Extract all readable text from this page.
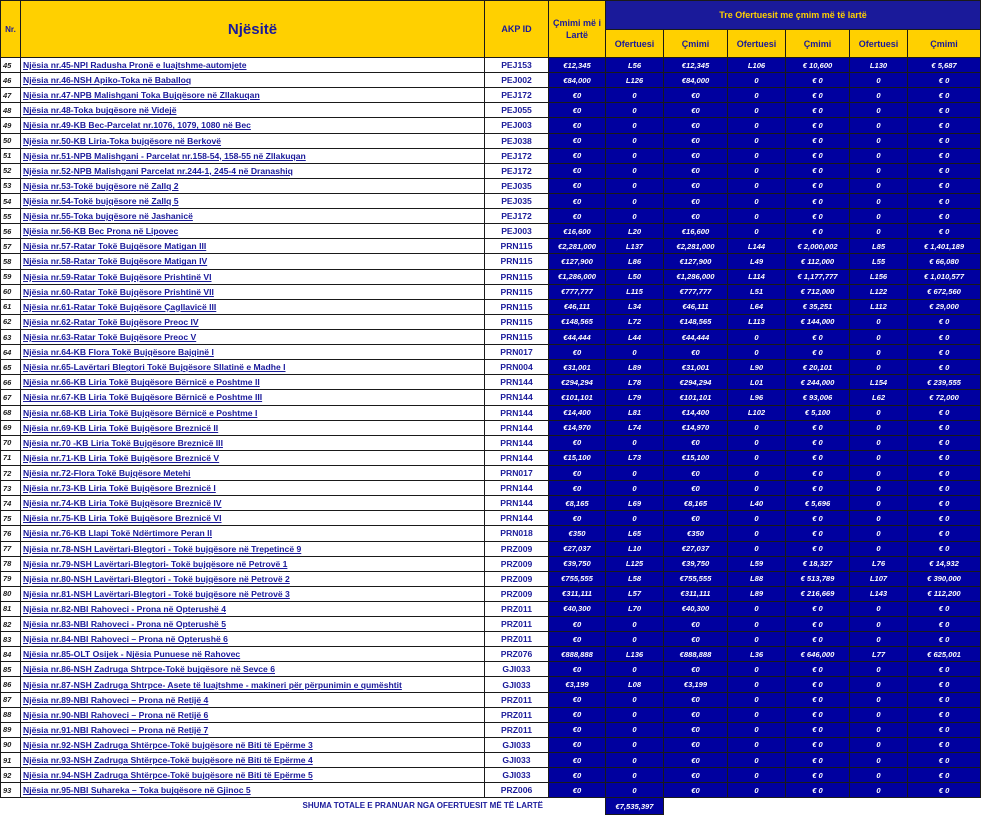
Nr.	Njësitë	AKP ID	Çmimi më i Lartë	Tre Ofertuesit me çmim më të lartë					
				Ofertuesi	Çmimi	Ofertuesi	Çmimi	Ofertuesi	Çmimi
45	Njësia nr.45-NPI Radusha Pronë e luajtshme-automjete	PEJ153	€12,345	L56	€12,345	L106	€ 10,600	L130	€ 5,687
46	Njësia nr.46-NSH Apiko-Toka në Baballoq	PEJ002	€84,000	L126	€84,000	0	€ 0	0	€ 0
47	Njësia nr.47-NPB Malishgani Toka Bujqësore në Zllakuqan	PEJ172	€0	0	€0	0	€ 0	0	€ 0
48	Njësia nr.48-Toka bujqësore në Videjë	PEJ055	€0	0	€0	0	€ 0	0	€ 0
49	Njësia nr.49-KB Bec-Parcelat nr.1076, 1079, 1080 në Bec	PEJ003	€0	0	€0	0	€ 0	0	€ 0
50	Njësia nr.50-KB Liria-Toka bujqësore në Berkovë	PEJ038	€0	0	€0	0	€ 0	0	€ 0
51	Njësia nr.51-NPB Malishgani - Parcelat nr.158-54, 158-55 në Zllakuqan	PEJ172	€0	0	€0	0	€ 0	0	€ 0
52	Njësia nr.52-NPB Malishgani Parcelat nr.244-1, 245-4 në Dranashiq	PEJ172	€0	0	€0	0	€ 0	0	€ 0
53	Njësia nr.53-Tokë bujqësore në Zallq 2	PEJ035	€0	0	€0	0	€ 0	0	€ 0
54	Njësia nr.54-Tokë bujqësore në Zallq 5	PEJ035	€0	0	€0	0	€ 0	0	€ 0
55	Njësia nr.55-Toka bujqësore në Jashanicë	PEJ172	€0	0	€0	0	€ 0	0	€ 0
56	Njësia nr.56-KB Bec Prona në Lipovec	PEJ003	€16,600	L20	€16,600	0	€ 0	0	€ 0
57	Njësia nr.57-Ratar Tokë Bujqësore Matigan III	PRN115	€2,281,000	L137	€2,281,000	L144	€ 2,000,002	L85	€ 1,401,189
58	Njësia nr.58-Ratar Tokë Bujqësore Matigan IV	PRN115	€127,900	L86	€127,900	L49	€ 112,000	L55	€ 66,080
59	Njësia nr.59-Ratar Tokë Bujqësore Prishtinë VI	PRN115	€1,286,000	L50	€1,286,000	L114	€ 1,177,777	L156	€ 1,010,577
60	Njësia nr.60-Ratar Tokë Bujqësore Prishtinë VII	PRN115	€777,777	L115	€777,777	L51	€ 712,000	L122	€ 672,560
61	Njësia nr.61-Ratar Tokë Bujqësore Çagllavicë III	PRN115	€46,111	L34	€46,111	L64	€ 35,251	L112	€ 29,000
62	Njësia nr.62-Ratar Tokë Bujqësore Preoc IV	PRN115	€148,565	L72	€148,565	L113	€ 144,000	0	€ 0
63	Njësia nr.63-Ratar Tokë Bujqësore Preoc V	PRN115	€44,444	L44	€44,444	0	€ 0	0	€ 0
64	Njësia nr.64-KB Flora Tokë Bujqësore Bajqinë I	PRN017	€0	0	€0	0	€ 0	0	€ 0
65	Njësia nr.65-Lavërtari Blegtori Tokë Bujqësore Sllatinë e Madhe I	PRN004	€31,001	L89	€31,001	L90	€ 20,101	0	€ 0
66	Njësia nr.66-KB Liria Tokë Bujqësore Bërnicë e Poshtme II	PRN144	€294,294	L78	€294,294	L01	€ 244,000	L154	€ 239,555
67	Njësia nr.67-KB Liria Tokë Bujqësore Bërnicë e Poshtme III	PRN144	€101,101	L79	€101,101	L96	€ 93,006	L62	€ 72,000
68	Njësia nr.68-KB Liria Tokë Bujqësore Bërnicë e Poshtme I	PRN144	€14,400	L81	€14,400	L102	€ 5,100	0	€ 0
69	Njësia nr.69-KB Liria Tokë Bujqësore Breznicë II	PRN144	€14,970	L74	€14,970	0	€ 0	0	€ 0
70	Njësia nr.70 -KB Liria Tokë Bujqësore Breznicë III	PRN144	€0	0	€0	0	€ 0	0	€ 0
71	Njësia nr.71-KB Liria Tokë Bujqësore Breznicë V	PRN144	€15,100	L73	€15,100	0	€ 0	0	€ 0
72	Njësia nr.72-Flora Tokë Bujqësore Metehi	PRN017	€0	0	€0	0	€ 0	0	€ 0
73	Njësia nr.73-KB Liria Tokë Bujqësore Breznicë I	PRN144	€0	0	€0	0	€ 0	0	€ 0
74	Njësia nr.74-KB Liria Tokë Bujqësore Breznicë IV	PRN144	€8,165	L69	€8,165	L40	€ 5,696	0	€ 0
75	Njësia nr.75-KB Liria Tokë Bujqësore Breznicë VI	PRN144	€0	0	€0	0	€ 0	0	€ 0
76	Njësia nr.76-KB Llapi Tokë Ndërtimore Peran II	PRN018	€350	L65	€350	0	€ 0	0	€ 0
77	Njësia nr.78-NSH Lavërtari-Blegtori - Tokë bujqësore në Trepetincë 9	PRZ009	€27,037	L10	€27,037	0	€ 0	0	€ 0
78	Njësia nr.79-NSH Lavërtari-Blegtori- Tokë bujqësore në Petrovë 1	PRZ009	€39,750	L125	€39,750	L59	€ 18,327	L76	€ 14,932
79	Njësia nr.80-NSH Lavërtari-Blegtori - Tokë bujqësore në Petrovë 2	PRZ009	€755,555	L58	€755,555	L88	€ 513,789	L107	€ 390,000
80	Njësia nr.81-NSH Lavërtari-Blegtori - Tokë bujqësore në Petrovë 3	PRZ009	€311,111	L57	€311,111	L89	€ 216,669	L143	€ 112,200
81	Njësia nr.82-NBI Rahoveci - Prona në Opterushë 4	PRZ011	€40,300	L70	€40,300	0	€ 0	0	€ 0
82	Njësia nr.83-NBI Rahoveci - Prona në Opterushë 5	PRZ011	€0	0	€0	0	€ 0	0	€ 0
83	Njësia nr.84-NBI Rahoveci – Prona në Opterushë 6	PRZ011	€0	0	€0	0	€ 0	0	€ 0
84	Njësia nr.85-OLT Osijek - Njësia Punuese në Rahovec	PRZ076	€888,888	L136	€888,888	L36	€ 646,000	L77	€ 625,001
85	Njësia nr.86-NSH Zadruga Shtrpce-Tokë bujqësore në Sevce 6	GJI033	€0	0	€0	0	€ 0	0	€ 0
86	Njësia nr.87-NSH Zadruga Shtrpce- Asete të luajtshme - makineri për përpunimin e qumështit	GJI033	€3,199	L08	€3,199	0	€ 0	0	€ 0
87	Njësia nr.89-NBI Rahoveci – Prona në Retijë 4	PRZ011	€0	0	€0	0	€ 0	0	€ 0
88	Njësia nr.90-NBI Rahoveci – Prona në Retijë 6	PRZ011	€0	0	€0	0	€ 0	0	€ 0
89	Njësia nr.91-NBI Rahoveci – Prona në Retijë 7	PRZ011	€0	0	€0	0	€ 0	0	€ 0
90	Njësia nr.92-NSH Zadruga Shtërpce-Tokë bujqësore në Biti të Epërme 3	GJI033	€0	0	€0	0	€ 0	0	€ 0
91	Njësia nr.93-NSH Zadruga Shtërpce-Tokë bujqësore në Biti të Epërme 4	GJI033	€0	0	€0	0	€ 0	0	€ 0
92	Njësia nr.94-NSH Zadruga Shtërpce-Tokë bujqësore në Biti të Epërme 5	GJI033	€0	0	€0	0	€ 0	0	€ 0
93	Njësia nr.95-NBI Suhareka – Toka bujqësore në Gjinoc 5	PRZ006	€0	0	€0	0	€ 0	0	€ 0

		SHUMA TOTALE E PRANUAR NGA OFERTUESIT MË TË LARTË		€7,535,397					
